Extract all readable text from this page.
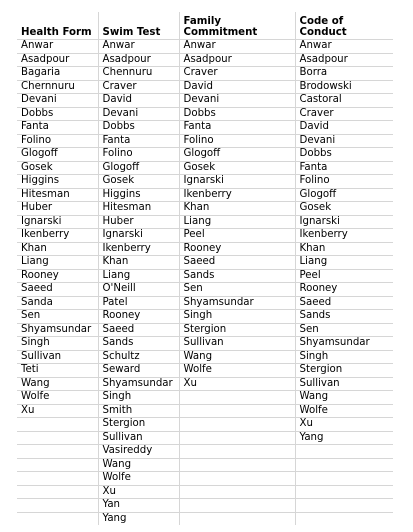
Health Form	Swim Test	Family Commitment	Code of Conduct
Anwar	Anwar	Anwar	Anwar
Asadpour	Asadpour	Asadpour	Asadpour
Bagaria	Chennuru	Craver	Borra
Chernnuru	Craver	David	Brodowski
Devani	David	Devani	Castoral
Dobbs	Devani	Dobbs	Craver
Fanta	Dobbs	Fanta	David
Folino	Fanta	Folino	Devani
Glogoff	Folino	Glogoff	Dobbs
Gosek	Glogoff	Gosek	Fanta
Higgins	Gosek	Ignarski	Folino
Hitesman	Higgins	Ikenberry	Glogoff
Huber	Hitesman	Khan	Gosek
Ignarski	Huber	Liang	Ignarski
Ikenberry	Ignarski	Peel	Ikenberry
Khan	Ikenberry	Rooney	Khan
Liang	Khan	Saeed	Liang
Rooney	Liang	Sands	Peel
Saeed	O'Neill	Sen	Rooney
Sanda	Patel	Shyamsundar	Saeed
Sen	Rooney	Singh	Sands
Shyamsundar	Saeed	Stergion	Sen
Singh	Sands	Sullivan	Shyamsundar
Sullivan	Schultz	Wang	Singh
Teti	Seward	Wolfe	Stergion
Wang	Shyamsundar	Xu	Sullivan
Wolfe	Singh		Wang
Xu	Smith		Wolfe
	Stergion		Xu
	Sullivan		Yang
	Vasireddy		
	Wang		
	Wolfe		
	Xu		
	Yan		
	Yang		
